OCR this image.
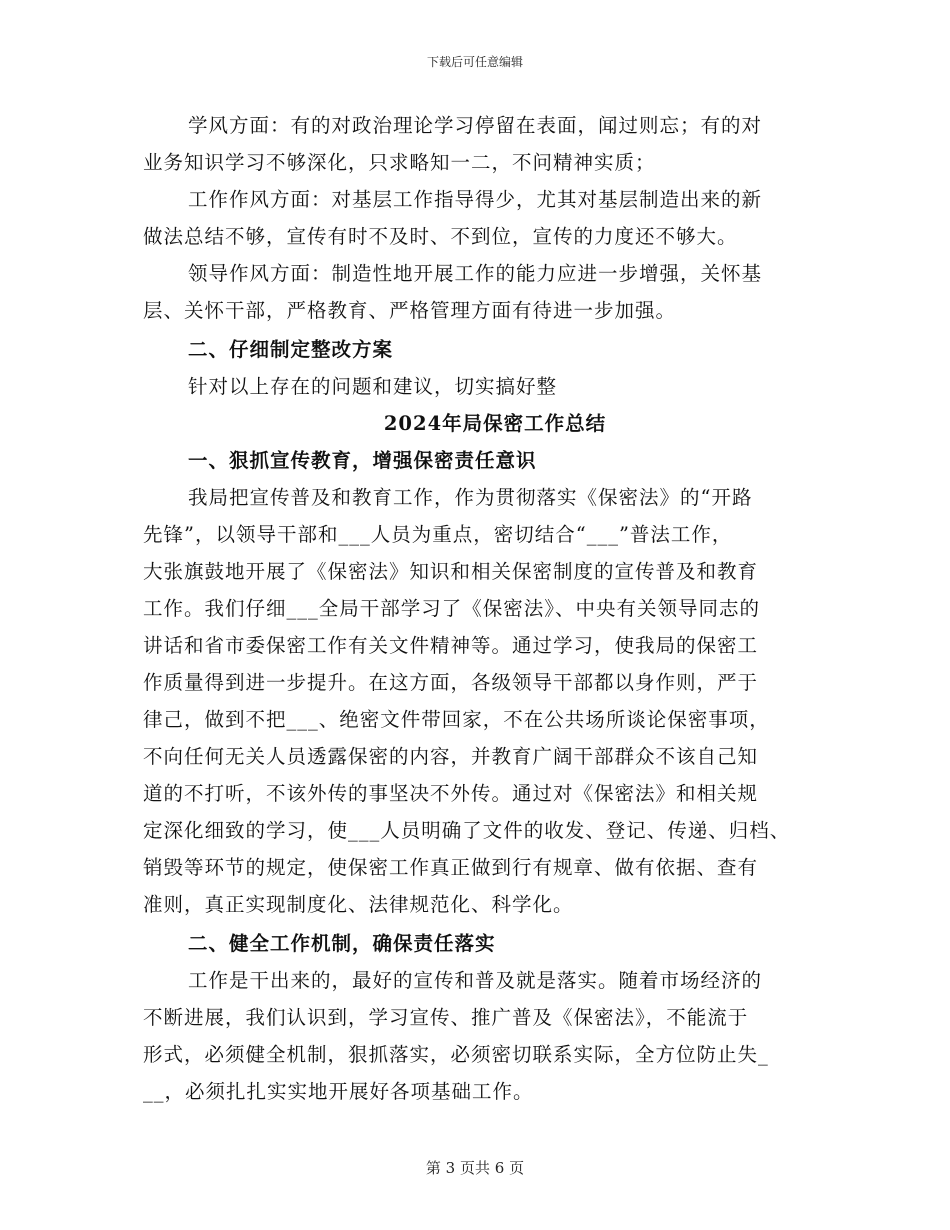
下载后可任意编辑
学风方面：有的对政治理论学习停留在表面，闻过则忘；有的对
业务知识学习不够深化，只求略知一二，不问精神实质；
工作作风方面：对基层工作指导得少，尤其对基层制造出来的新
做法总结不够，宣传有时不及时、不到位，宣传的力度还不够大。
领导作风方面：制造性地开展工作的能力应进一步增强，关怀基
层、关怀干部，严格教育、严格管理方面有待进一步加强。
二、仔细制定整改方案
针对以上存在的问题和建议，切实搞好整
2024年局保密工作总结
一、狠抓宣传教育，增强保密责任意识
我局把宣传普及和教育工作，作为贯彻落实《保密法》的“开路
先锋”，以领导干部和___人员为重点，密切结合“___”普法工作，
大张旗鼓地开展了《保密法》知识和相关保密制度的宣传普及和教育
工作。我们仔细___全局干部学习了《保密法》、中央有关领导同志的
讲话和省市委保密工作有关文件精神等。通过学习，使我局的保密工
作质量得到进一步提升。在这方面，各级领导干部都以身作则，严于
律己，做到不把___、绝密文件带回家，不在公共场所谈论保密事项，
不向任何无关人员透露保密的内容，并教育广阔干部群众不该自己知
道的不打听，不该外传的事坚决不外传。通过对《保密法》和相关规
定深化细致的学习，使___人员明确了文件的收发、登记、传递、归档、
销毁等环节的规定，使保密工作真正做到行有规章、做有依据、查有
准则，真正实现制度化、法律规范化、科学化。
二、健全工作机制，确保责任落实
工作是干出来的，最好的宣传和普及就是落实。随着市场经济的
不断进展，我们认识到，学习宣传、推广普及《保密法》，不能流于
形式，必须健全机制，狠抓落实，必须密切联系实际，全方位防止失_
__，必须扎扎实实地开展好各项基础工作。
第 3 页共 6 页
